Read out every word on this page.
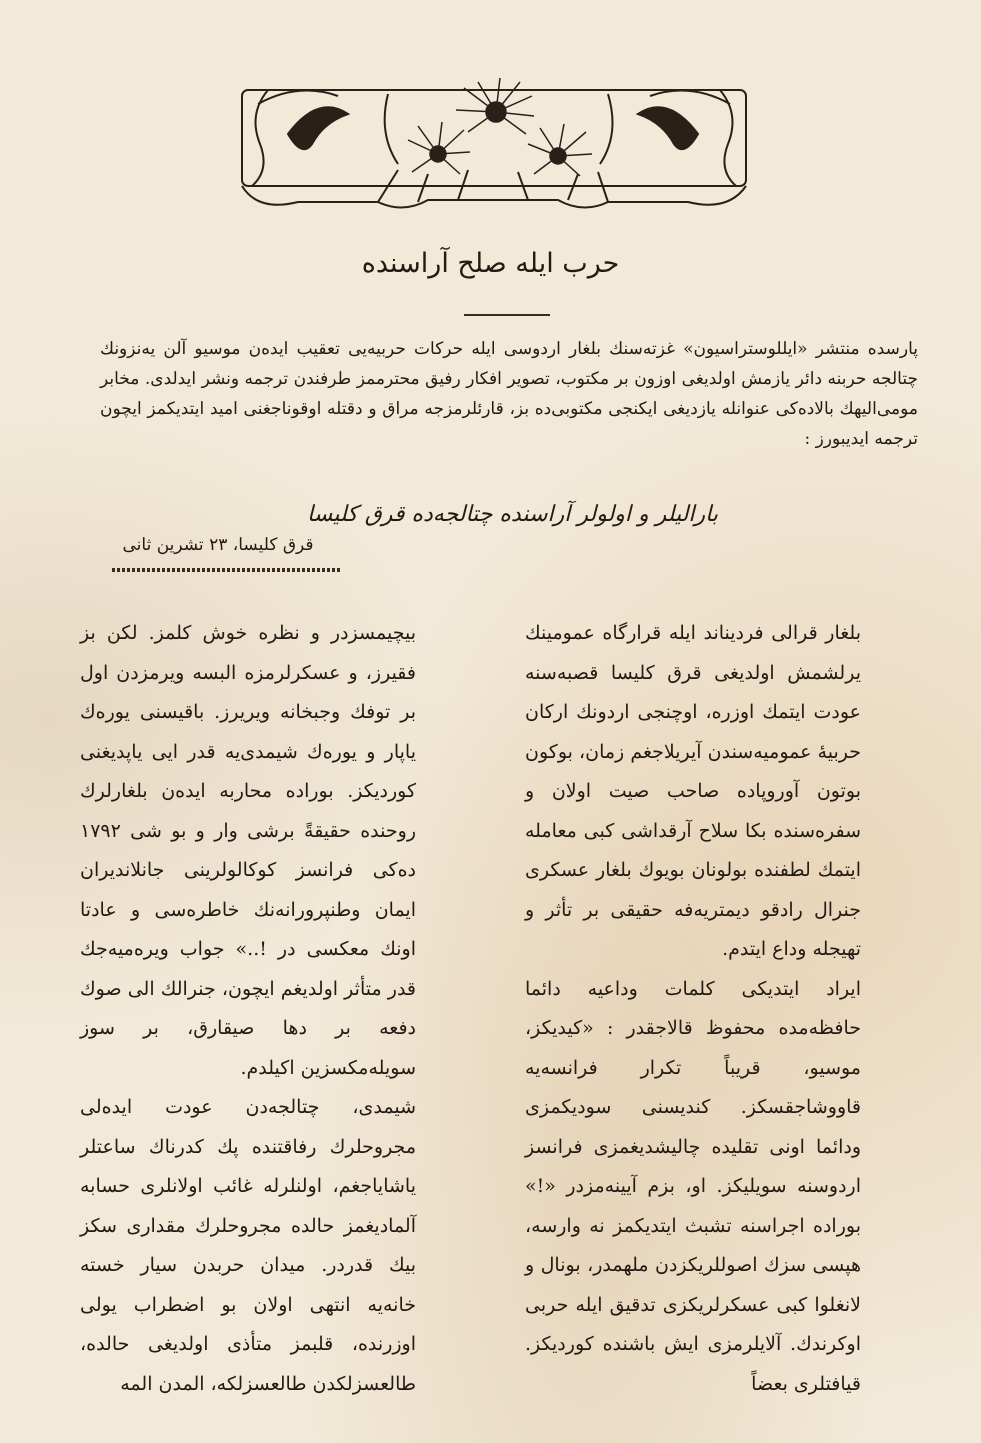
حرب ایله صلح آراسنده

پارسده منتشر «ایللوستراسیون» غزته‌سنك بلغار اردوسی ایله حرکات حربیه‌یی تعقیب ایده‌ن موسیو آلن یه‌نزونك چتالجه حربنه دائر یازمش اولدیغی اوزون بر مکتوب، تصویر افکار رفیق محترممز طرفندن ترجمه ونشر ایدلدی. مخابر مومی‌الیهك بالاده‌کی عنوانله یازدیغی ایکنجی مکتوبی‌ده بز، قارئلرمزجه مراق و دقتله اوقوناجغنی امید ایتدیکمز ایچون ترجمه ایدیبورز :

بارالیلر و اولولر آراسنده چتالجه‌ده قرق کلیسا
قرق کلیسا، ۲۳ تشرین ثانی

بلغار قرالی فردیناند ایله قرارگاه عمومینك یرلشمش اولدیغی قرق کلیسا قصبه‌سنه عودت ایتمك اوزره، اوچنجی اردونك ارکان حربیهٔ عمومیه‌سندن آیریلاجغم زمان، بوکون بوتون آوروپاده صاحب صیت اولان و سفره‌سنده بکا سلاح آرقداشی کبی معامله ایتمك لطفنده بولونان بویوك بلغار عسکری جنرال رادقو دیمتریه‌فه حقیقی بر تأثر و تهیجله وداع ایتدم.

ایراد ایتدیکی کلمات وداعیه دائما حافظه‌مده محفوظ قالاجقدر : «کیدیکز، موسیو، قریباً تکرار فرانسه‌یه قاووشاجقسکز. کندیسنی سودیکمزی ودائما اونی تقلیده چالیشدیغمزی فرانسز اردوسنه سویلیکز. او، بزم آیینه‌مزدر «!» بوراده اجراسنه تشبث ایتدیکمز نه وارسه، هپسی سزك اصوللریکزدن ملهمدر، بونال و لانغلوا کبی عسکرلریکزی تدقیق ایله حربی اوکرندك. آلایلرمزی ایش باشنده کوردیکز. قیافتلری بعضاً

بیچیمسزدر و نظره خوش کلمز. لکن بز فقیرز، و عسکرلرمزه البسه ویرمزدن اول بر توفك وجبخانه ویریرز. باقیسنی یوره‌ك یاپار و یوره‌ك شیمدی‌یه قدر ایی یاپدیغنی کوردیکز. بوراده محاربه ایده‌ن بلغارلرك روحنده حقیقةً برشی وار و بو شی ۱۷۹۲ ده‌کی فرانسز کوکالولرینی جانلاندیران ایمان وطنپرورانه‌نك خاطره‌سی و عادتا اونك معکسی در !..» جواب ویره‌میه‌جك قدر متأثر اولدیغم ایچون، جنرالك الی صوك دفعه بر دها صیقارق، بر سوز سویله‌مکسزین اکیلدم.

شیمدی، چتالجه‌دن عودت ایده‌لی مجروحلرك رفاقتنده پك کدرناك ساعتلر یاشایاجغم، اولنلرله غائب اولانلری حسابه آلمادیغمز حالده مجروحلرك مقداری سکز بیك قدردر. میدان حربدن سیار خسته خانه‌یه انتهی اولان بو اضطراب یولی اوزرنده، قلبمز متأذی اولدیغی حالده، طالعسزلکدن طالعسزلکه، المدن المه
